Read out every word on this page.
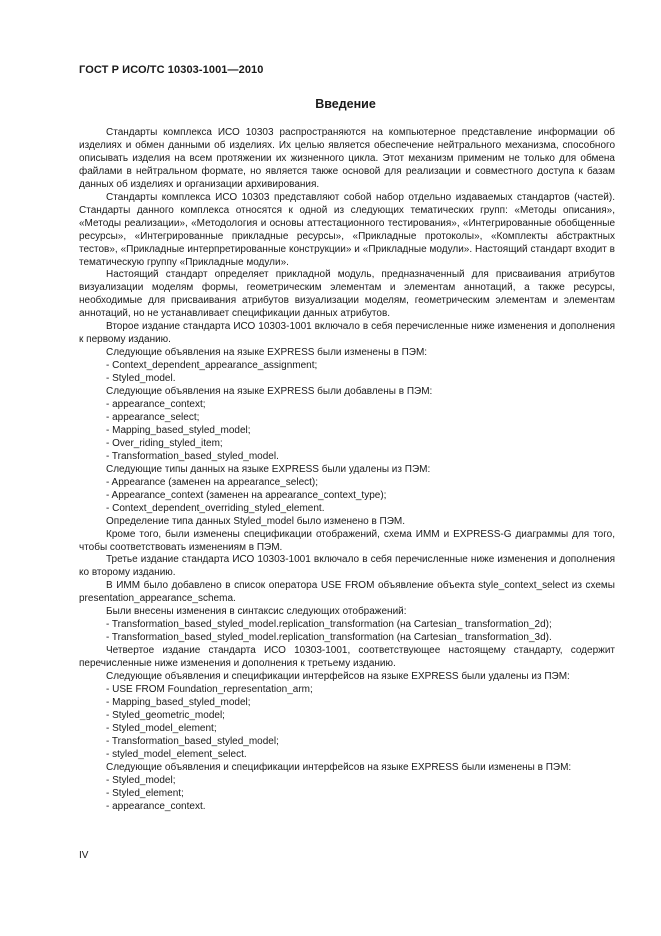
ГОСТ Р ИСО/ТС 10303-1001—2010
Введение

Стандарты комплекса ИСО 10303 распространяются на компьютерное представление информации об изделиях и обмен данными об изделиях. Их целью является обеспечение нейтрального механизма, способного описывать изделия на всем протяжении их жизненного цикла. Этот механизм применим не только для обмена файлами в нейтральном формате, но является также основой для реализации и совместного доступа к базам данных об изделиях и организации архивирования.

Стандарты комплекса ИСО 10303 представляют собой набор отдельно издаваемых стандартов (частей). Стандарты данного комплекса относятся к одной из следующих тематических групп: «Методы описания», «Методы реализации», «Методология и основы аттестационного тестирования», «Интегрированные обобщенные ресурсы», «Интегрированные прикладные ресурсы», «Прикладные протоколы», «Комплекты абстрактных тестов», «Прикладные интерпретированные конструкции» и «Прикладные модули». Настоящий стандарт входит в тематическую группу «Прикладные модули».

Настоящий стандарт определяет прикладной модуль, предназначенный для присваивания атрибутов визуализации моделям формы, геометрическим элементам и элементам аннотаций, а также ресурсы, необходимые для присваивания атрибутов визуализации моделям, геометрическим элементам и элементам аннотаций, но не устанавливает спецификации данных атрибутов.

Второе издание стандарта ИСО 10303-1001 включало в себя перечисленные ниже изменения и дополнения к первому изданию.

Следующие объявления на языке EXPRESS были изменены в ПЭМ:

- Context_dependent_appearance_assignment;

- Styled_model.

Следующие объявления на языке EXPRESS были добавлены в ПЭМ:

- appearance_context;

- appearance_select;

- Mapping_based_styled_model;

- Over_riding_styled_item;

- Transformation_based_styled_model.

Следующие типы данных на языке EXPRESS были удалены из ПЭМ:

- Appearance (заменен на appearance_select);

- Appearance_context (заменен на appearance_context_type);

- Context_dependent_overriding_styled_element.

Определение типа данных Styled_model было изменено в ПЭМ.

Кроме того, были изменены спецификации отображений, схема ИММ и EXPRESS-G диаграммы для того, чтобы соответствовать изменениям в ПЭМ.

Третье издание стандарта ИСО 10303-1001 включало в себя перечисленные ниже изменения и дополнения ко второму изданию.

В ИММ было добавлено в список оператора USE FROM объявление объекта style_context_select из схемы presentation_appearance_schema.

Были внесены изменения в синтаксис следующих отображений:

- Transformation_based_styled_model.replication_transformation (на Cartesian_ transformation_2d);

- Transformation_based_styled_model.replication_transformation (на Cartesian_ transformation_3d).

Четвертое издание стандарта ИСО 10303-1001, соответствующее настоящему стандарту, содержит перечисленные ниже изменения и дополнения к третьему изданию.

Следующие объявления и спецификации интерфейсов на языке EXPRESS были удалены из ПЭМ:

- USE FROM Foundation_representation_arm;

- Mapping_based_styled_model;

- Styled_geometric_model;

- Styled_model_element;

- Transformation_based_styled_model;

- styled_model_element_select.

Следующие объявления и спецификации интерфейсов на языке EXPRESS были изменены в ПЭМ:

- Styled_model;

- Styled_element;

- appearance_context.

IV
